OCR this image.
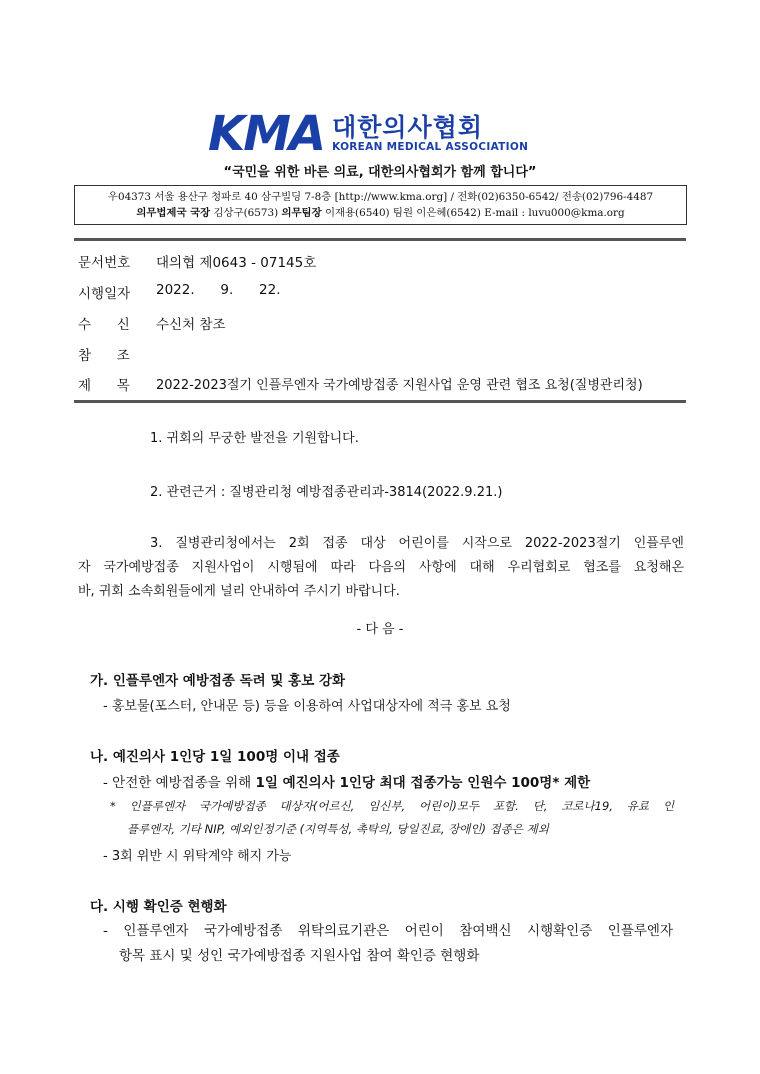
KMA 대한의사협회
KOREAN MEDICAL ASSOCIATION
“국민을 위한 바른 의료, 대한의사협회가 함께 합니다”
우04373 서울 용산구 청파로 40 삼구빌딩 7-8층 [http://www.kma.org] / 전화(02)6350-6542/ 전송(02)796-4487
의무법제국 국장 김상구(6573) 의무팀장 이재용(6540) 팀원 이은혜(6542) E-mail : luvu000@kma.org
문서번호	대의협 제0643 - 07145호
시행일자	2022.      9.      22.
수      신	수신처 참조
참      조
제      목	2022-2023절기 인플루엔자 국가예방접종 지원사업 운영 관련 협조 요청(질병관리청)
1. 귀회의 무궁한 발전을 기원합니다.
2. 관련근거 : 질병관리청 예방접종관리과-3814(2022.9.21.)
3. 질병관리청에서는 2회 접종 대상 어린이를 시작으로 2022-2023절기 인플루엔
자 국가예방접종 지원사업이 시행됨에 따라 다음의 사항에 대해 우리협회로 협조를 요청해온
바, 귀회 소속회원들에게 널리 안내하여 주시기 바랍니다.
- 다 음 -
가. 인플루엔자 예방접종 독려 및 홍보 강화
- 홍보물(포스터, 안내문 등) 등을 이용하여 사업대상자에 적극 홍보 요청
나. 예진의사 1인당 1일 100명 이내 접종
- 안전한 예방접종을 위해 1일 예진의사 1인당 최대 접종가능 인원수 100명* 제한
* 인플루엔자 국가예방접종 대상자(어르신, 임신부, 어린이)모두 포함. 단, 코로나19, 유료 인
플루엔자, 기타 NIP, 예외인정기준 (지역특성, 촉탁의, 당일진료, 장애인) 접종은 제외
- 3회 위반 시 위탁계약 해지 가능
다. 시행 확인증 현행화
- 인플루엔자 국가예방접종 위탁의료기관은 어린이 참여백신 시행확인증 인플루엔자
항목 표시 및 성인 국가예방접종 지원사업 참여 확인증 현행화
